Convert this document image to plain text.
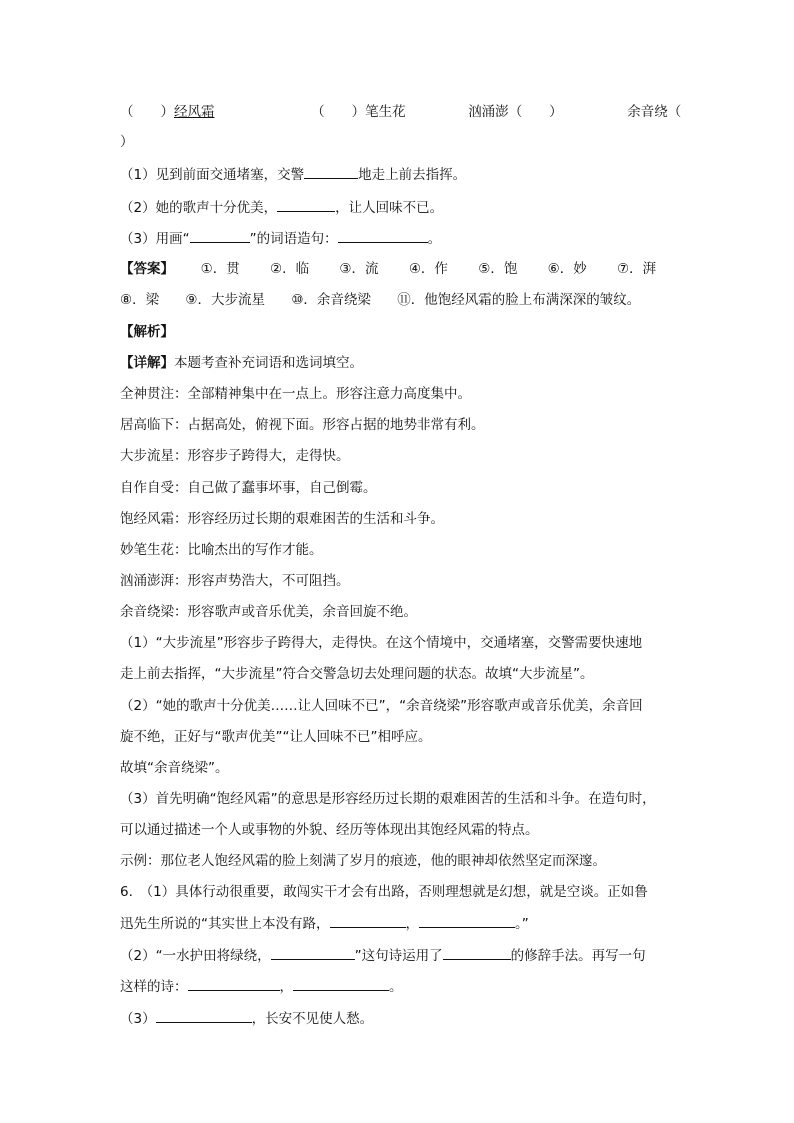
（　　）经风霜	（　　）笔生花	汹涌澎（　　）	余音绕（
）
（1）见到前面交通堵塞，交警	地走上前去指挥。
（2）她的歌声十分优美，	，让人回味不已。
（3）用画“	”的词语造句：	。
【答案】 ①．贯 ②．临 ③．流 ④．作 ⑤．饱 ⑥．妙 ⑦．湃
⑧．梁 ⑨．大步流星 ⑩．余音绕梁 ⑪．他饱经风霜的脸上布满深深的皱纹。
【解析】
【详解】本题考查补充词语和选词填空。
全神贯注：全部精神集中在一点上。形容注意力高度集中。
居高临下：占据高处，俯视下面。形容占据的地势非常有利。
大步流星：形容步子跨得大，走得快。
自作自受：自己做了蠢事坏事，自己倒霉。
饱经风霜：形容经历过长期的艰难困苦的生活和斗争。
妙笔生花：比喻杰出的写作才能。
汹涌澎湃：形容声势浩大，不可阻挡。
余音绕梁：形容歌声或音乐优美，余音回旋不绝。
（1）“大步流星”形容步子跨得大，走得快。在这个情境中，交通堵塞，交警需要快速地
走上前去指挥，“大步流星”符合交警急切去处理问题的状态。故填“大步流星”。
（2）“她的歌声十分优美……让人回味不已”，“余音绕梁”形容歌声或音乐优美，余音回
旋不绝，正好与“歌声优美”“让人回味不已”相呼应。
故填“余音绕梁”。
（3）首先明确“饱经风霜”的意思是形容经历过长期的艰难困苦的生活和斗争。在造句时，
可以通过描述一个人或事物的外貌、经历等体现出其饱经风霜的特点。
示例：那位老人饱经风霜的脸上刻满了岁月的痕迹，他的眼神却依然坚定而深邃。
6.　（1）具体行动很重要，敢闯实干才会有出路，否则理想就是幻想，就是空谈。正如鲁
迅先生所说的“其实世上本没有路，	，	。”
（2）“一水护田将绿绕，	”这句诗运用了	的修辞手法。再写一句
这样的诗：	，	。
（3）	，长安不见使人愁。
